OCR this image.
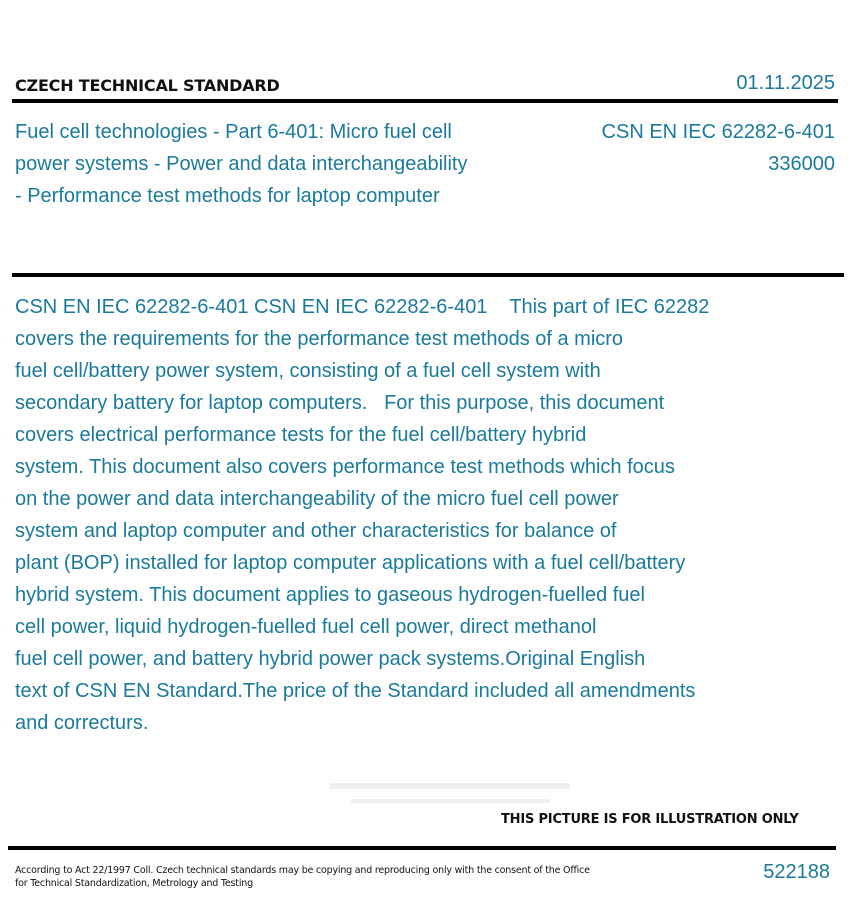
CZECH TECHNICAL STANDARD	01.11.2025
Fuel cell technologies - Part 6-401: Micro fuel cell
power systems - Power and data interchangeability
- Performance test methods for laptop computer
CSN EN IEC 62282-6-401
336000
CSN EN IEC 62282-6-401 CSN EN IEC 62282-6-401    This part of IEC 62282
covers the requirements for the performance test methods of a micro
fuel cell/battery power system, consisting of a fuel cell system with
secondary battery for laptop computers.   For this purpose, this document
covers electrical performance tests for the fuel cell/battery hybrid
system. This document also covers performance test methods which focus
on the power and data interchangeability of the micro fuel cell power
system and laptop computer and other characteristics for balance of
plant (BOP) installed for laptop computer applications with a fuel cell/battery
hybrid system. This document applies to gaseous hydrogen-fuelled fuel
cell power, liquid hydrogen-fuelled fuel cell power, direct methanol
fuel cell power, and battery hybrid power pack systems.Original English
text of CSN EN Standard.The price of the Standard included all amendments
and correcturs.
THIS PICTURE IS FOR ILLUSTRATION ONLY
According to Act 22/1997 Coll. Czech technical standards may be copying and reproducing only with the consent of the Office
for Technical Standardization, Metrology and Testing
522188
